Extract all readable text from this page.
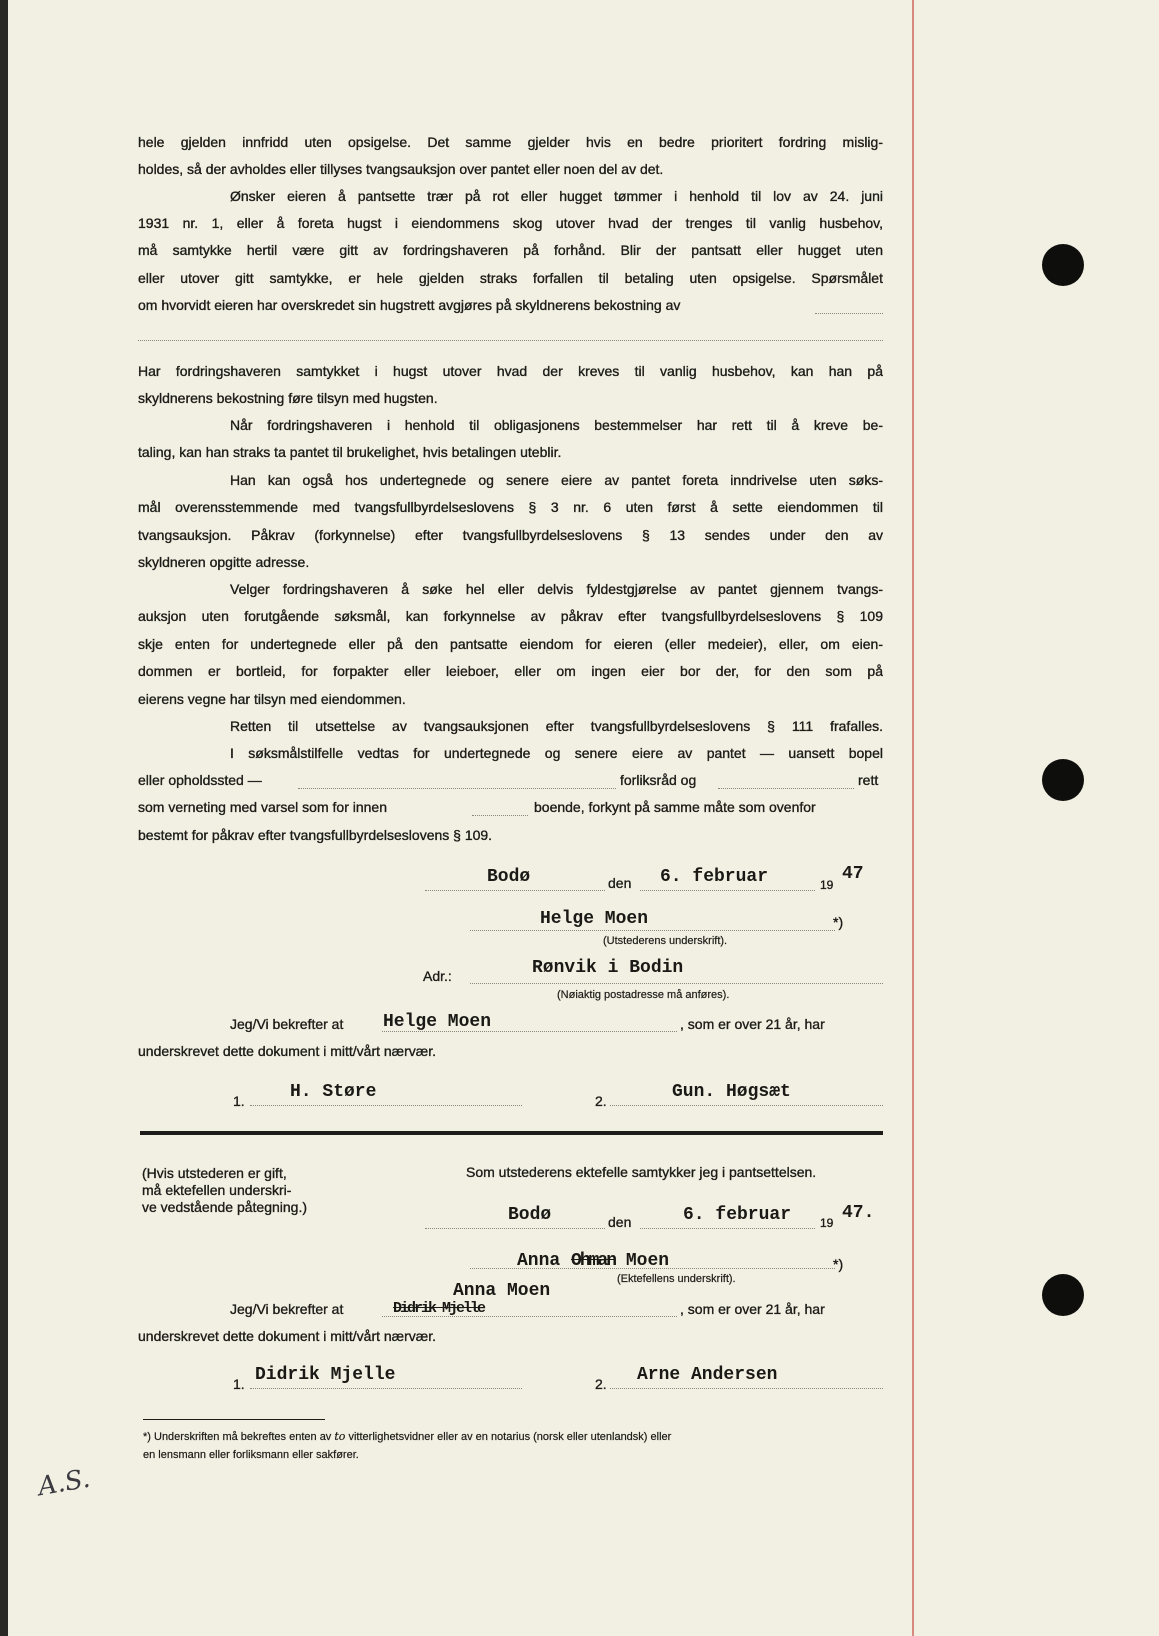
hele gjelden innfridd uten opsigelse. Det samme gjelder hvis en bedre prioritert fordring mislig-
holdes, så der avholdes eller tillyses tvangsauksjon over pantet eller noen del av det.
Ønsker eieren å pantsette trær på rot eller hugget tømmer i henhold til lov av 24. juni
1931 nr. 1, eller å foreta hugst i eiendommens skog utover hvad der trenges til vanlig husbehov,
må samtykke hertil være gitt av fordringshaveren på forhånd. Blir der pantsatt eller hugget uten
eller utover gitt samtykke, er hele gjelden straks forfallen til betaling uten opsigelse. Spørsmålet
om hvorvidt eieren har overskredet sin hugstrett avgjøres på skyldnerens bekostning av
Har fordringshaveren samtykket i hugst utover hvad der kreves til vanlig husbehov, kan han på
skyldnerens bekostning føre tilsyn med hugsten.
Når fordringshaveren i henhold til obligasjonens bestemmelser har rett til å kreve be-
taling, kan han straks ta pantet til brukelighet, hvis betalingen uteblir.
Han kan også hos undertegnede og senere eiere av pantet foreta inndrivelse uten søks-
mål overensstemmende med tvangsfullbyrdelseslovens § 3 nr. 6 uten først å sette eiendommen til
tvangsauksjon. Påkrav (forkynnelse) efter tvangsfullbyrdelseslovens § 13 sendes under den av
skyldneren opgitte adresse.
Velger fordringshaveren å søke hel eller delvis fyldestgjørelse av pantet gjennem tvangs-
auksjon uten forutgående søksmål, kan forkynnelse av påkrav efter tvangsfullbyrdelseslovens § 109
skje enten for undertegnede eller på den pantsatte eiendom for eieren (eller medeier), eller, om eien-
dommen er bortleid, for forpakter eller leieboer, eller om ingen eier bor der, for den som på
eierens vegne har tilsyn med eiendommen.
Retten til utsettelse av tvangsauksjonen efter tvangsfullbyrdelseslovens § 111 frafalles.
I søksmålstilfelle vedtas for undertegnede og senere eiere av pantet — uansett bopel
eller opholdssted —	forliksråd og	rett
som verneting med varsel som for innen	boende, forkynt på samme måte som ovenfor
bestemt for påkrav efter tvangsfullbyrdelseslovens § 109.
Bodø	den 6. februar	19
47
Helge Moen	*)
(Utstederens underskrift).
Adr.:	Rønvik i Bodin
(Nøiaktig postadresse må anføres).
Jeg/Vi bekrefter at Helge Moen	, som er over 21 år, har
underskrevet dette dokument i mitt/vårt nærvær.
1.	H. Støre	2.	Gun. Høgsæt
(Hvis utstederen er gift,
må ektefellen underskri-
ve vedstående påtegning.)
Som utstederens ektefelle samtykker jeg i pantsettelsen.
Bodø	den	6. februar 19 47.
Anna Ohman Moen	*)
(Ektefellens underskrift).
Anna Moen
Jeg/Vi bekrefter at	Didrik Mjelle	, som er over 21 år, har
underskrevet dette dokument i mitt/vårt nærvær.
1. Didrik Mjelle	2. Arne Andersen
*) Underskriften må bekreftes enten av to vitterlighetsvidner eller av en notarius (norsk eller utenlandsk) eller
en lensmann eller forliksmann eller sakfører.
A.S.
